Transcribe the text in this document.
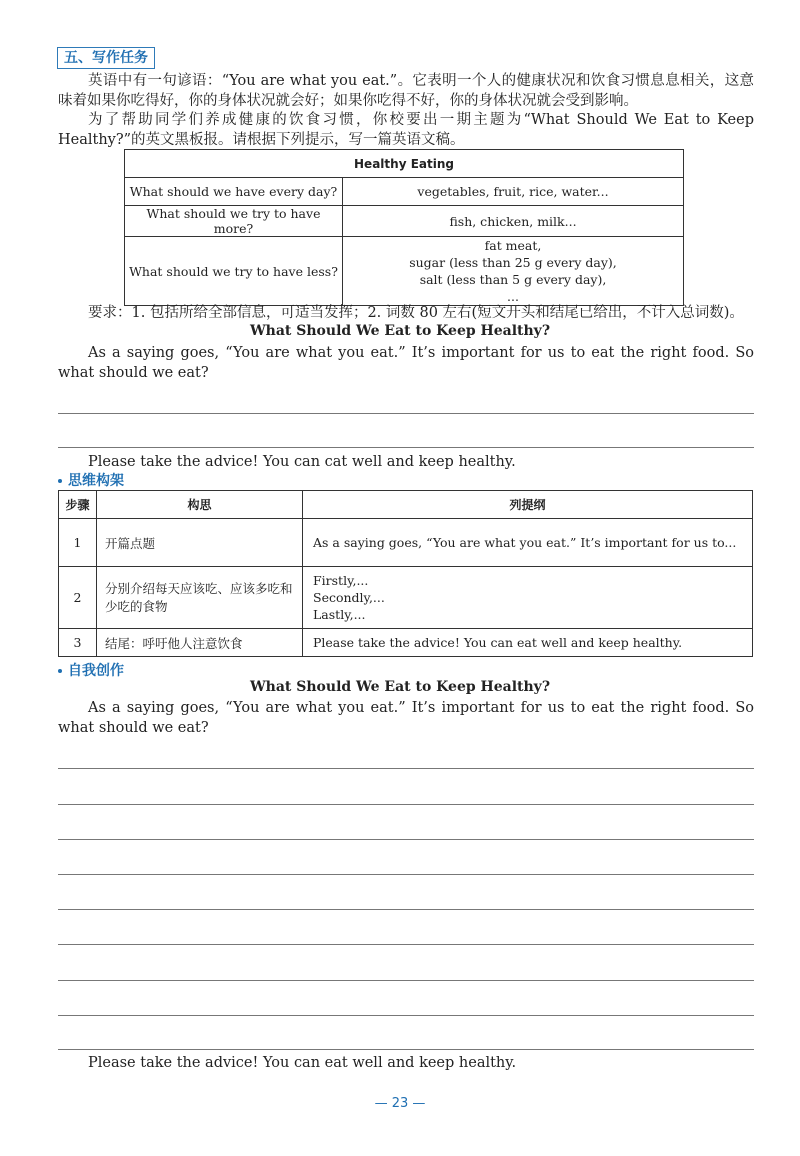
五、写作任务
英语中有一句谚语：“You are what you eat.”。它表明一个人的健康状况和饮食习惯息息相关，这意味着如果你吃得好，你的身体状况就会好；如果你吃得不好，你的身体状况就会受到影响。
为了帮助同学们养成健康的饮食习惯，你校要出一期主题为“What Should We Eat to Keep Healthy?”的英文黑板报。请根据下列提示，写一篇英语文稿。
Healthy Eating	
What should we have every day?	vegetables, fruit, rice, water...
What should we try to have more?	fish, chicken, milk...
What should we try to have less?	fat meat,
sugar (less than 25 g every day),
salt (less than 5 g every day),
...
要求：1. 包括所给全部信息，可适当发挥；2. 词数 80 左右(短文开头和结尾已给出，不计入总词数)。
What Should We Eat to Keep Healthy?
As a saying goes, “You are what you eat.” It’s important for us to eat the right food. So what should we eat?
Please take the advice! You can cat well and keep healthy.
思维构架
步骤	构思	列提纲
1	开篇点题	As a saying goes, “You are what you eat.” It’s important for us to...
2	分别介绍每天应该吃、应该多吃和少吃的食物	Firstly,...
Secondly,...
Lastly,...

3	结尾：呼吁他人注意饮食	Please take the advice! You can eat well and keep healthy.
自我创作
What Should We Eat to Keep Healthy?
As a saying goes, “You are what you eat.” It’s important for us to eat the right food. So what should we eat?
Please take the advice! You can eat well and keep healthy.
— 23 —
